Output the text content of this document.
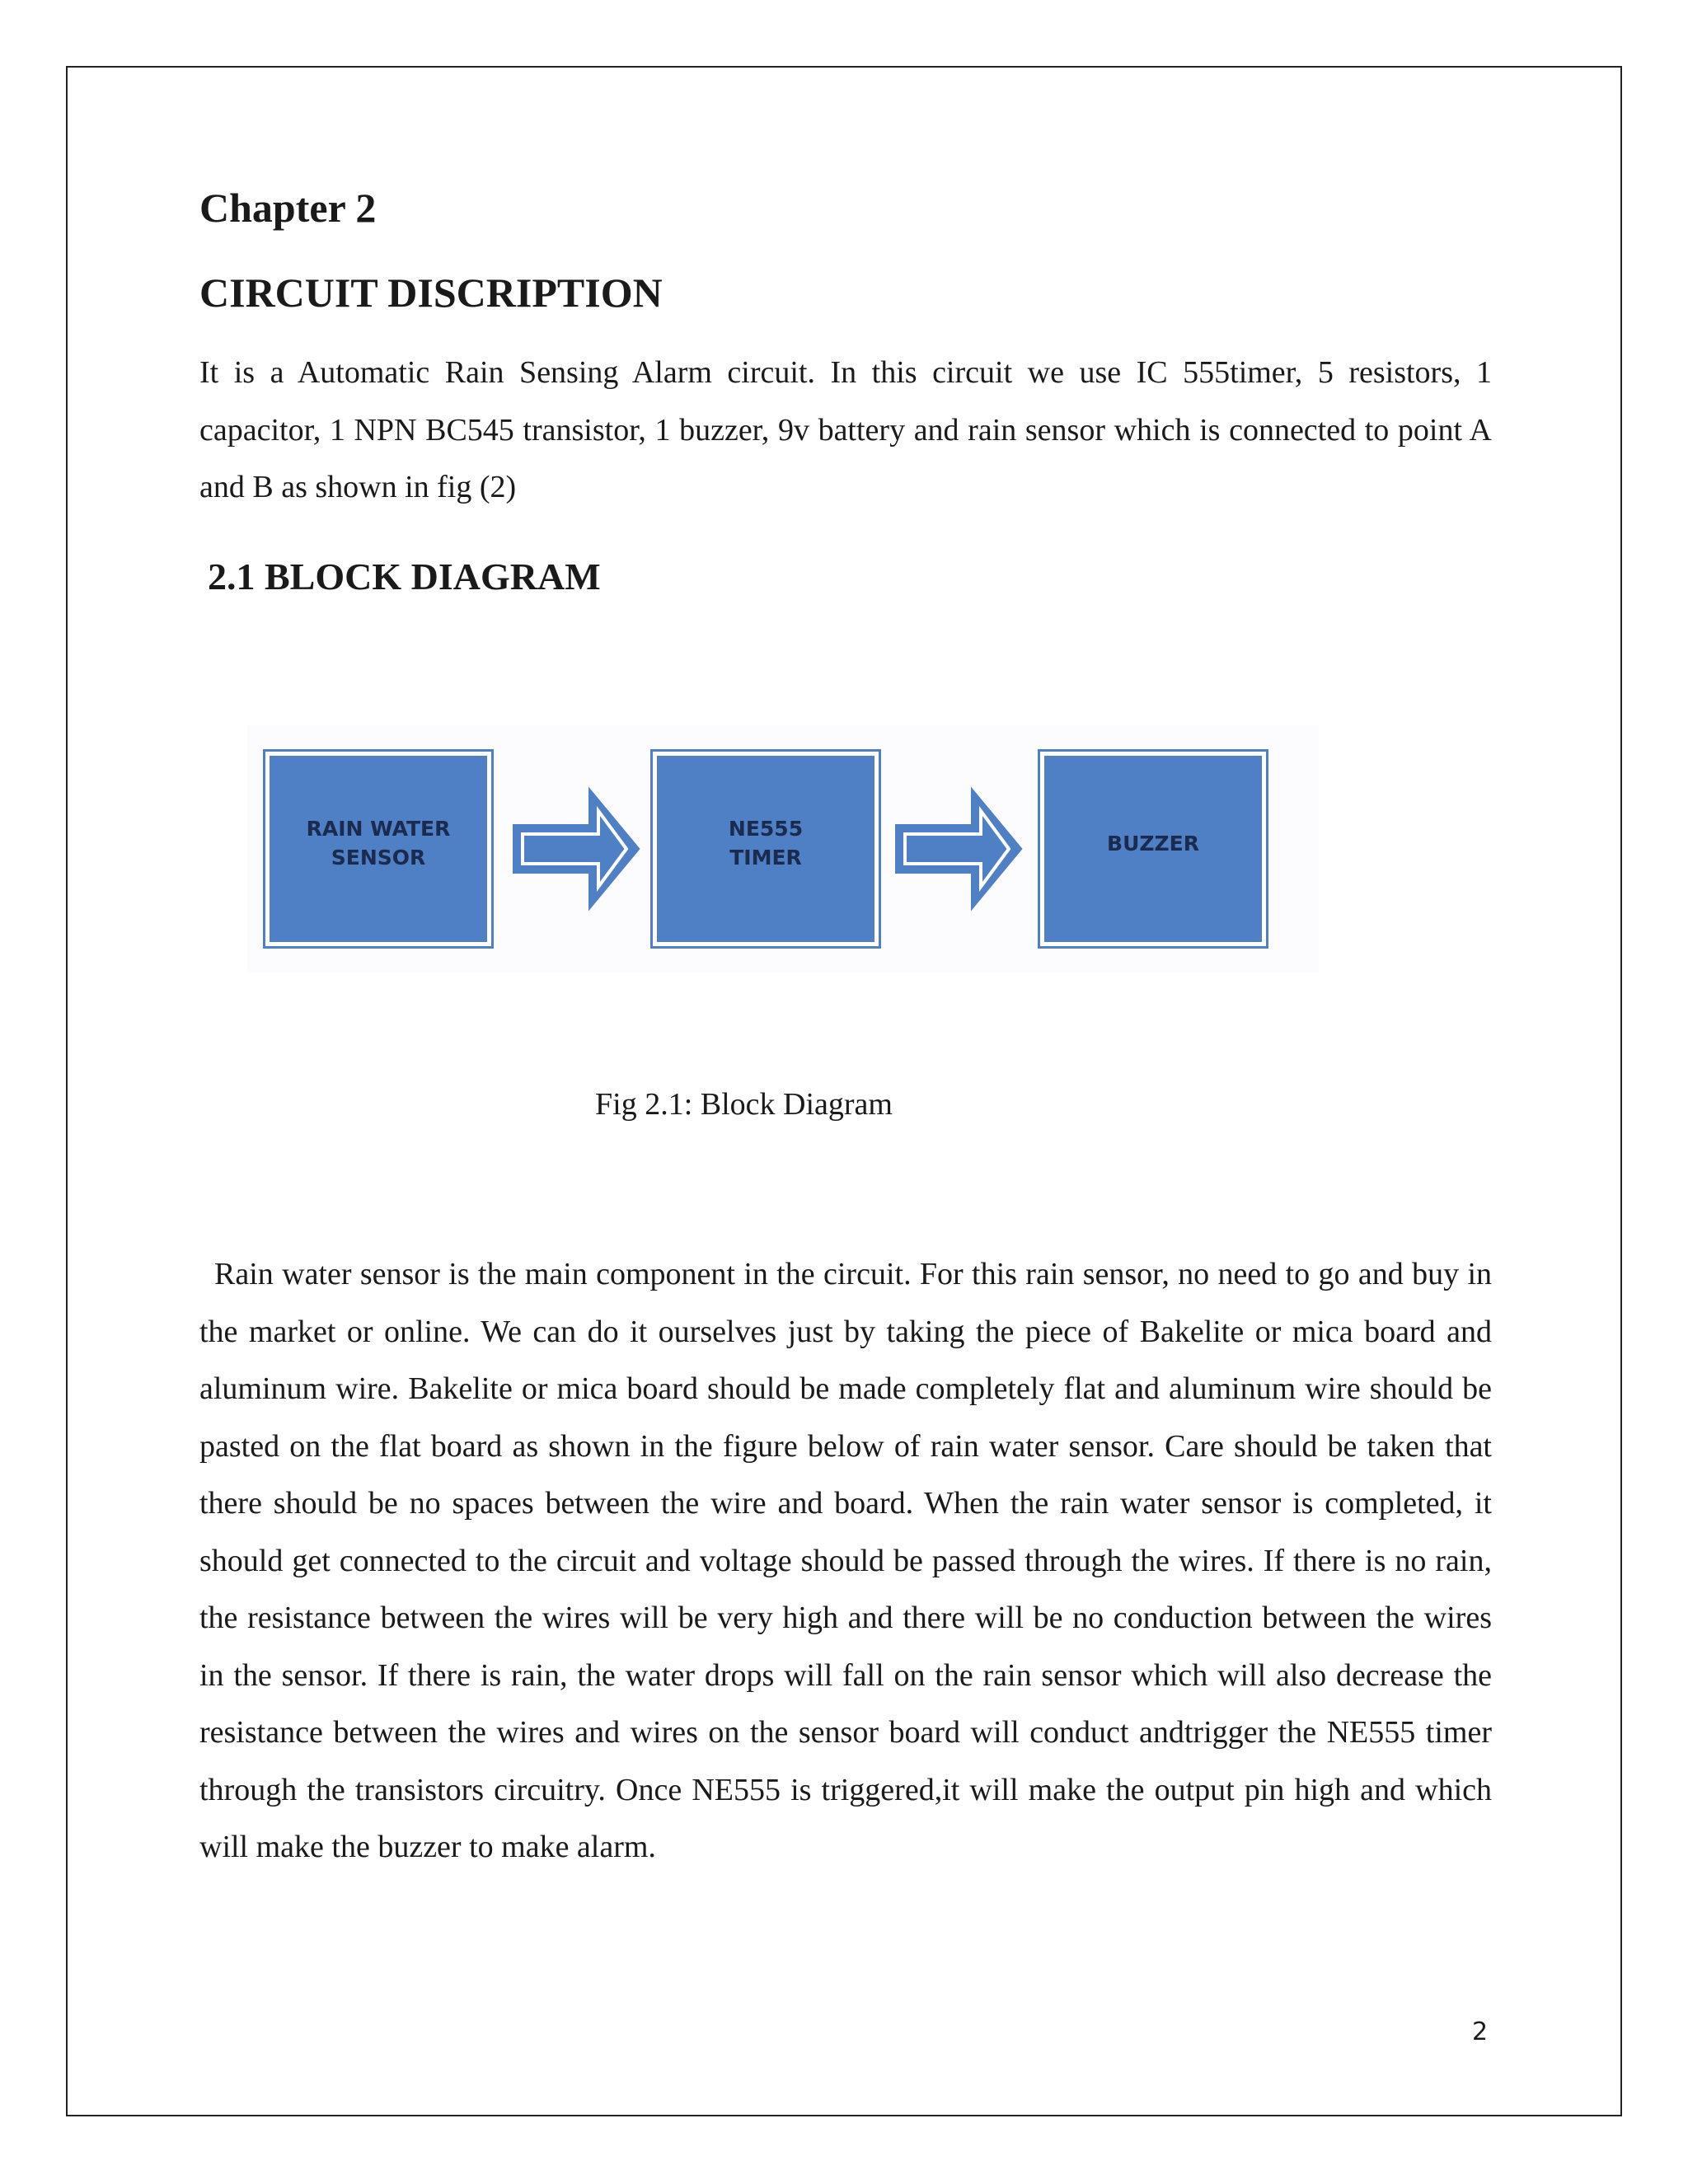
Chapter 2
CIRCUIT DISCRIPTION
It is a Automatic Rain Sensing Alarm circuit. In this circuit we use IC 555timer, 5 resistors, 1 capacitor, 1 NPN BC545 transistor, 1 buzzer, 9v battery and rain sensor which is connected to point A and B as shown in fig (2)
2.1 BLOCK DIAGRAM
RAIN WATER
SENSOR
NE555
TIMER
BUZZER
Fig 2.1: Block Diagram
Rain water sensor is the main component in the circuit. For this rain sensor, no need to go and buy in the market or online. We can do it ourselves just by taking the piece of Bakelite or mica board and aluminum wire. Bakelite or mica board should be made completely flat and aluminum wire should be pasted on the flat board as shown in the figure below of rain water sensor. Care should be taken that there should be no spaces between the wire and board. When the rain water sensor is completed, it should get connected to the circuit and voltage should be passed through the wires. If there is no rain, the resistance between the wires will be very high and there will be no conduction between the wires in the sensor. If there is rain, the water drops will fall on the rain sensor which will also decrease the resistance between the wires and wires on the sensor board will conduct andtrigger the NE555 timer through the transistors circuitry. Once NE555 is triggered,it will make the output pin high and which will make the buzzer to make alarm.
2
